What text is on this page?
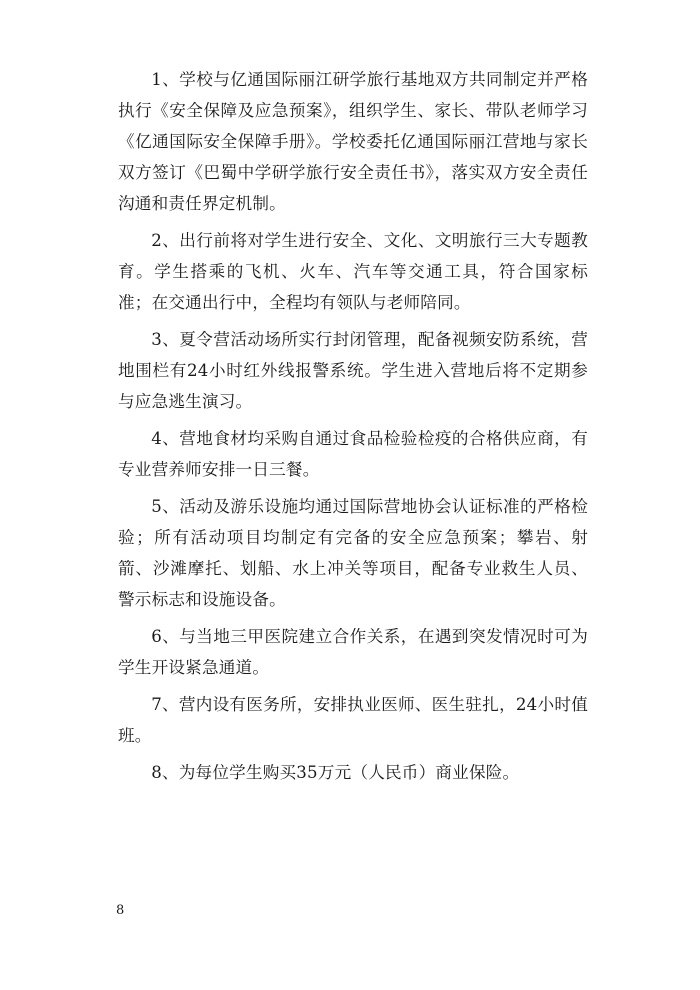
1、学校与亿通国际丽江研学旅行基地双方共同制定并严格执行《安全保障及应急预案》，组织学生、家长、带队老师学习《亿通国际安全保障手册》。学校委托亿通国际丽江营地与家长双方签订《巴蜀中学研学旅行安全责任书》，落实双方安全责任沟通和责任界定机制。

2、出行前将对学生进行安全、文化、文明旅行三大专题教育。学生搭乘的飞机、火车、汽车等交通工具，符合国家标准；在交通出行中，全程均有领队与老师陪同。

3、夏令营活动场所实行封闭管理，配备视频安防系统，营地围栏有24小时红外线报警系统。学生进入营地后将不定期参与应急逃生演习。

4、营地食材均采购自通过食品检验检疫的合格供应商，有专业营养师安排一日三餐。

5、活动及游乐设施均通过国际营地协会认证标准的严格检验；所有活动项目均制定有完备的安全应急预案；攀岩、射箭、沙滩摩托、划船、水上冲关等项目，配备专业救生人员、警示标志和设施设备。

6、与当地三甲医院建立合作关系，在遇到突发情况时可为学生开设紧急通道。

7、营内设有医务所，安排执业医师、医生驻扎，24小时值班。

8、为每位学生购买35万元（人民币）商业保险。

8
